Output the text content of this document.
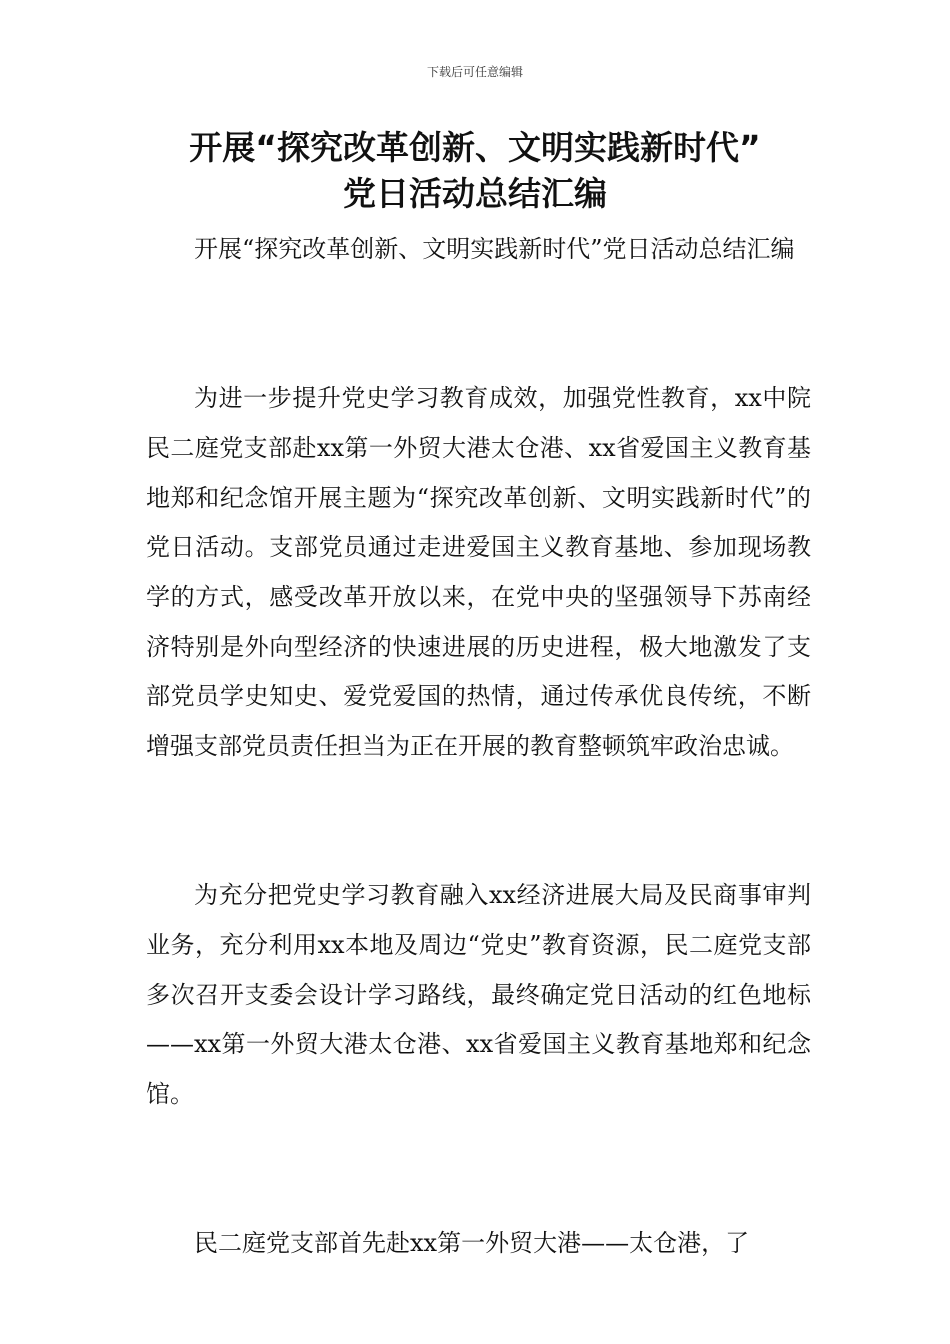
下载后可任意编辑
开展“探究改革创新、文明实践新时代”
党日活动总结汇编

开展“探究改革创新、文明实践新时代”党日活动总结汇编

为进一步提升党史学习教育成效，加强党性教育，xx中院民二庭党支部赴xx第一外贸大港太仓港、xx省爱国主义教育基地郑和纪念馆开展主题为“探究改革创新、文明实践新时代”的党日活动。支部党员通过走进爱国主义教育基地、参加现场教学的方式，感受改革开放以来，在党中央的坚强领导下苏南经济特别是外向型经济的快速进展的历史进程，极大地激发了支部党员学史知史、爱党爱国的热情，通过传承优良传统，不断增强支部党员责任担当为正在开展的教育整顿筑牢政治忠诚。

为充分把党史学习教育融入xx经济进展大局及民商事审判业务，充分利用xx本地及周边“党史”教育资源，民二庭党支部多次召开支委会设计学习路线，最终确定党日活动的红色地标——xx第一外贸大港太仓港、xx省爱国主义教育基地郑和纪念馆。

民二庭党支部首先赴xx第一外贸大港——太仓港，了
